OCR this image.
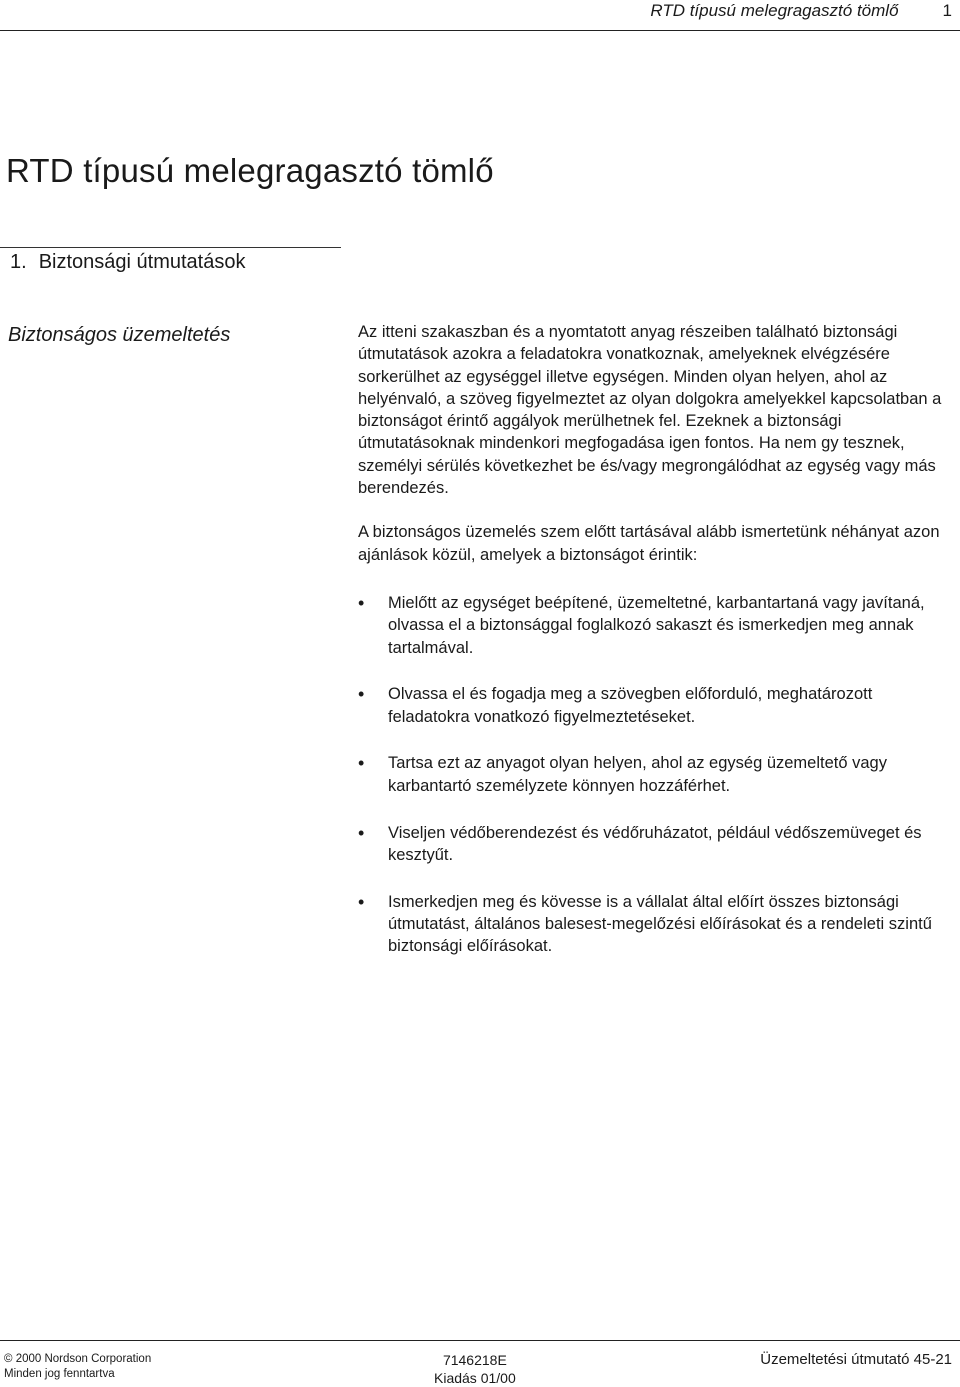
RTD típusú melegragasztó tömlő	1
RTD típusú melegragasztó tömlő
1. Biztonsági útmutatások
Biztonságos üzemeltetés	Az itteni szakaszban és a nyomtatott anyag részeiben található biztonsági útmutatások azokra a feladatokra vonatkoznak, amelyeknek elvégzésére sorkerülhet az egységgel illetve egységen. Minden olyan helyen, ahol az helyénvaló, a szöveg figyelmeztet az olyan dolgokra amelyekkel kapcsolatban a biztonságot érintő aggályok merülhetnek fel. Ezeknek a biztonsági útmutatásoknak mindenkori megfogadása igen fontos. Ha nem gy tesznek, személyi sérülés következhet be és/vagy megrongálódhat az egység vagy más berendezés.

A biztonságos üzemelés szem előtt tartásával alább ismertetünk néhányat azon ajánlások közül, amelyek a biztonságot érintik:

• Mielőtt az egységet beépítené, üzemeltetné, karbantartaná vagy javítaná, olvassa el a biztonsággal foglalkozó sakaszt és ismerkedjen meg annak tartalmával.
• Olvassa el és fogadja meg a szövegben előforduló, meghatározott feladatokra vonatkozó figyelmeztetéseket.
• Tartsa ezt az anyagot olyan helyen, ahol az egység üzemeltető vagy karbantartó személyzete könnyen hozzáférhet.
• Viseljen védőberendezést és védőruházatot, például védőszemüveget és kesztyűt.
• Ismerkedjen meg és kövesse is a vállalat által előírt összes biztonsági útmutatást, általános balesest-megelőzési előírásokat és a rendeleti szintű biztonsági előírásokat.
© 2000 Nordson Corporation
Minden jog fenntartva
7146218E
Kiadás 01/00
Üzemeltetési útmutató 45-21
